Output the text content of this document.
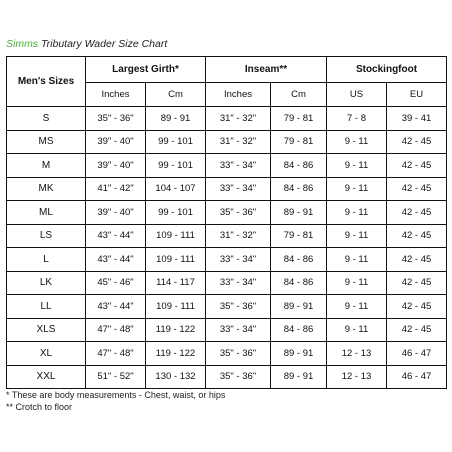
Simms Tributary Wader Size Chart
Men's Sizes	Largest Girth*		Inseam**		Stockingfoot	
	Inches	Cm	Inches	Cm	US	EU
S	35" - 36"	89 - 91	31" - 32"	79 - 81	7 - 8	39 - 41
MS	39" - 40"	99 - 101	31" - 32"	79 - 81	9 - 11	42 - 45
M	39" - 40"	99 - 101	33" - 34"	84 - 86	9 - 11	42 - 45
MK	41" - 42"	104 - 107	33" - 34"	84 - 86	9 - 11	42 - 45
ML	39" - 40"	99 - 101	35" - 36"	89 - 91	9 - 11	42 - 45
LS	43" - 44"	109 - 111	31" - 32"	79 - 81	9 - 11	42 - 45
L	43" - 44"	109 - 111	33" - 34"	84 - 86	9 - 11	42 - 45
LK	45" - 46"	114 - 117	33" - 34"	84 - 86	9 - 11	42 - 45
LL	43" - 44"	109 - 111	35" - 36"	89 - 91	9 - 11	42 - 45
XLS	47" - 48"	119 - 122	33" - 34"	84 - 86	9 - 11	42 - 45
XL	47" - 48"	119 - 122	35" - 36"	89 - 91	12 - 13	46 - 47
XXL	51" - 52"	130 - 132	35" - 36"	89 - 91	12 - 13	46 - 47
* These are body measurements - Chest, waist, or hips
** Crotch to floor
